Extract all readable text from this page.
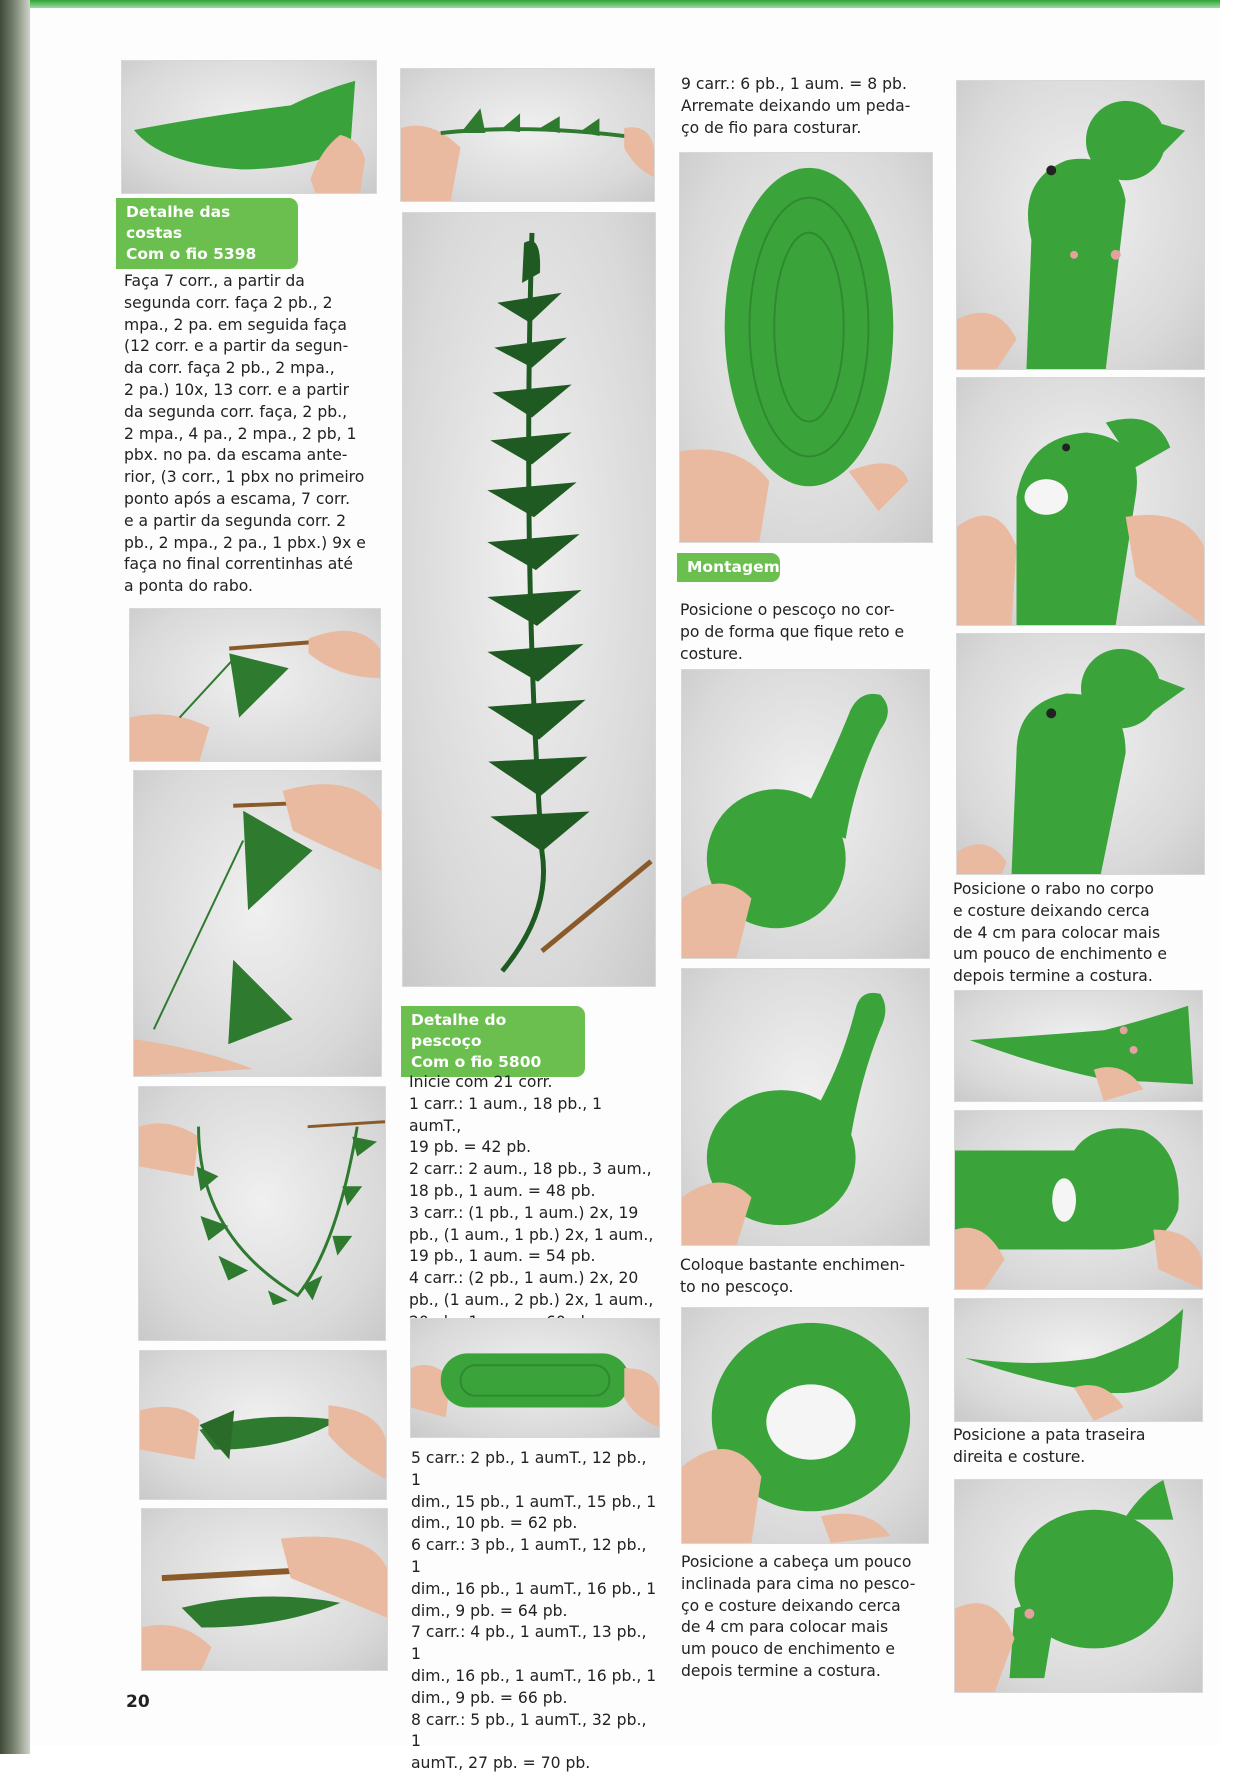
Detalhe das costas
Com o fio 5398
Faça 7 corr., a partir da
segunda corr. faça 2 pb., 2
mpa., 2 pa. em seguida faça
(12 corr. e a partir da segun-
da corr. faça 2 pb., 2 mpa.,
2 pa.) 10x, 13 corr. e a partir
da segunda corr. faça, 2 pb.,
2 mpa., 4 pa., 2 mpa., 2 pb, 1
pbx. no pa. da escama ante-
rior, (3 corr., 1 pbx no primeiro
ponto após a escama, 7 corr.
e a partir da segunda corr. 2
pb., 2 mpa., 2 pa., 1 pbx.) 9x e
faça no final correntinhas até
a ponta do rabo.
Detalhe do pescoço
Com o fio 5800
Inicie com 21 corr.
1 carr.: 1 aum., 18 pb., 1 aumT.,
19 pb. = 42 pb.
2 carr.: 2 aum., 18 pb., 3 aum.,
18 pb., 1 aum. = 48 pb.
3 carr.: (1 pb., 1 aum.) 2x, 19
pb., (1 aum., 1 pb.) 2x, 1 aum.,
19 pb., 1 aum. = 54 pb.
4 carr.: (2 pb., 1 aum.) 2x, 20
pb., (1 aum., 2 pb.) 2x, 1 aum.,

5 carr.: 2 pb., 1 aumT., 12 pb., 1
dim., 15 pb., 1 aumT., 15 pb., 1
dim., 10 pb. = 62 pb.
6 carr.: 3 pb., 1 aumT., 12 pb., 1
dim., 16 pb., 1 aumT., 16 pb., 1
dim., 9 pb. = 64 pb.
7 carr.: 4 pb., 1 aumT., 13 pb., 1
dim., 16 pb., 1 aumT., 16 pb., 1
dim., 9 pb. = 66 pb.
8 carr.: 5 pb., 1 aumT., 32 pb., 1
aumT., 27 pb. = 70 pb.
9 carr.: 6 pb., 1 aum. = 8 pb.
Arremate deixando um peda-
ço de fio para costurar.
Montagem:
Posicione o pescoço no cor-
po de forma que fique reto e
costure.
Coloque bastante enchimen-
to no pescoço.
Posicione a cabeça um pouco
inclinada para cima no pesco-
ço e costure deixando cerca
de 4 cm para colocar mais
um pouco de enchimento e
depois termine a costura.
Posicione o rabo no corpo
e costure deixando cerca
de 4 cm para colocar mais
um pouco de enchimento e
depois termine a costura.
Posicione a pata traseira
direita e costure.
20
